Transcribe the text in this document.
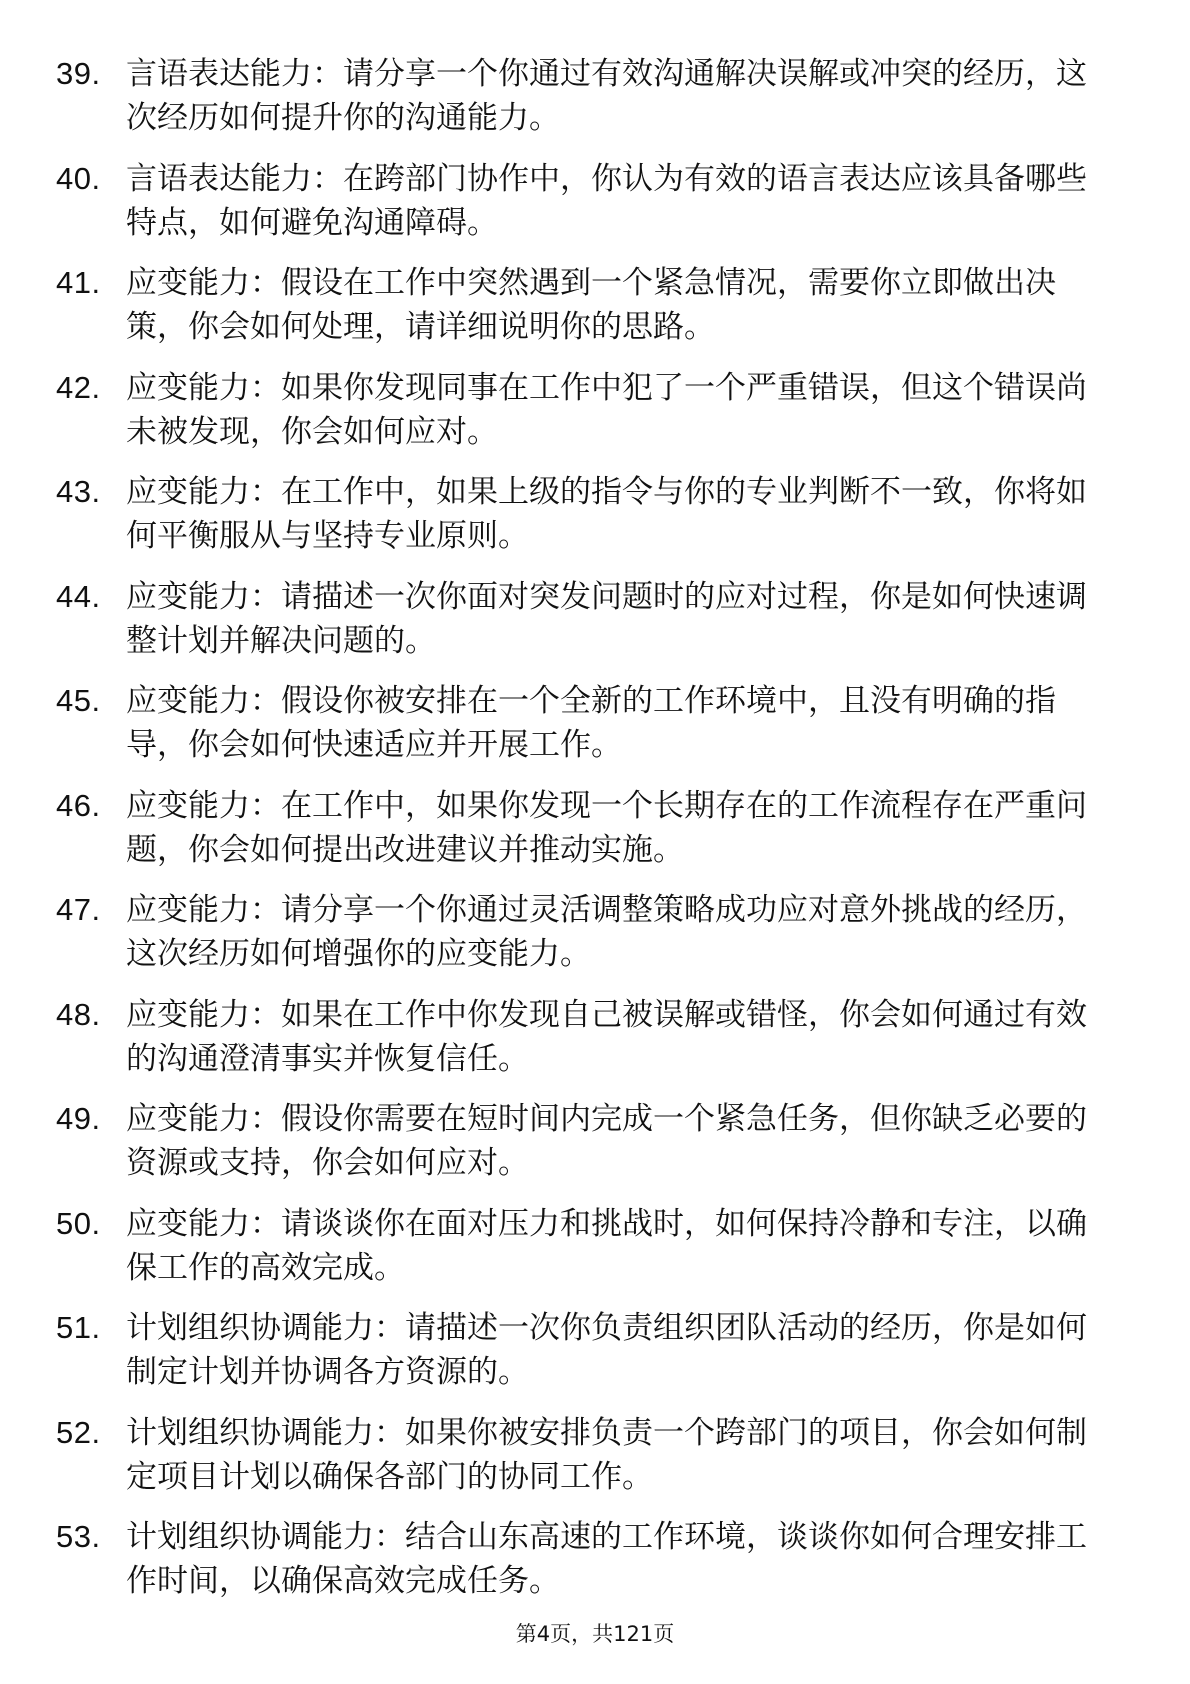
39. 言语表达能力：请分享一个你通过有效沟通解决误解或冲突的经历，这次经历如何提升你的沟通能力。
40. 言语表达能力：在跨部门协作中，你认为有效的语言表达应该具备哪些特点，如何避免沟通障碍。
41. 应变能力：假设在工作中突然遇到一个紧急情况，需要你立即做出决策，你会如何处理，请详细说明你的思路。
42. 应变能力：如果你发现同事在工作中犯了一个严重错误，但这个错误尚未被发现，你会如何应对。
43. 应变能力：在工作中，如果上级的指令与你的专业判断不一致，你将如何平衡服从与坚持专业原则。
44. 应变能力：请描述一次你面对突发问题时的应对过程，你是如何快速调整计划并解决问题的。
45. 应变能力：假设你被安排在一个全新的工作环境中，且没有明确的指导，你会如何快速适应并开展工作。
46. 应变能力：在工作中，如果你发现一个长期存在的工作流程存在严重问题，你会如何提出改进建议并推动实施。
47. 应变能力：请分享一个你通过灵活调整策略成功应对意外挑战的经历，这次经历如何增强你的应变能力。
48. 应变能力：如果在工作中你发现自己被误解或错怪，你会如何通过有效的沟通澄清事实并恢复信任。
49. 应变能力：假设你需要在短时间内完成一个紧急任务，但你缺乏必要的资源或支持，你会如何应对。
50. 应变能力：请谈谈你在面对压力和挑战时，如何保持冷静和专注，以确保工作的高效完成。
51. 计划组织协调能力：请描述一次你负责组织团队活动的经历，你是如何制定计划并协调各方资源的。
52. 计划组织协调能力：如果你被安排负责一个跨部门的项目，你会如何制定项目计划以确保各部门的协同工作。
53. 计划组织协调能力：结合山东高速的工作环境，谈谈你如何合理安排工作时间，以确保高效完成任务。
第4页，共121页
